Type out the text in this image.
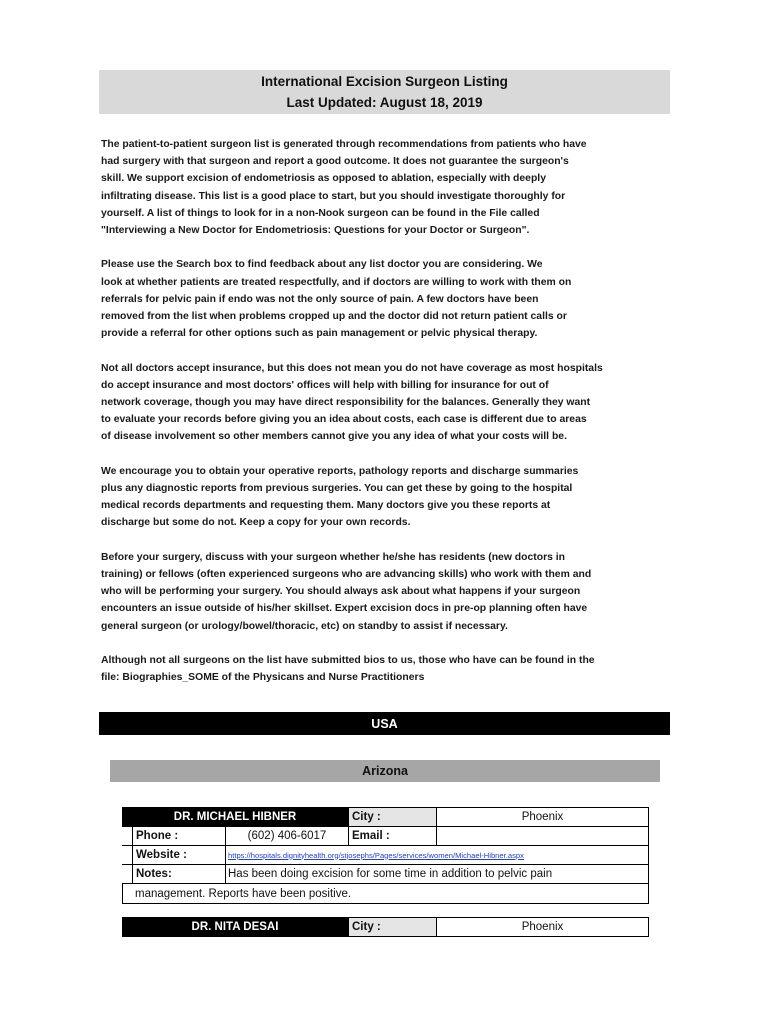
International Excision Surgeon Listing
Last Updated: August 18, 2019

The patient-to-patient surgeon list is generated through recommendations from patients who have
had surgery with that surgeon and report a good outcome. It does not guarantee the surgeon's
skill. We support excision of endometriosis as opposed to ablation, especially with deeply
infiltrating disease. This list is a good place to start, but you should investigate thoroughly for
yourself. A list of things to look for in a non-Nook surgeon can be found in the File called
"Interviewing a New Doctor for Endometriosis: Questions for your Doctor or Surgeon".

Please use the Search box to find feedback about any list doctor you are considering. We
look at whether patients are treated respectfully, and if doctors are willing to work with them on
referrals for pelvic pain if endo was not the only source of pain. A few doctors have been
removed from the list when problems cropped up and the doctor did not return patient calls or
provide a referral for other options such as pain management or pelvic physical therapy.

Not all doctors accept insurance, but this does not mean you do not have coverage as most hospitals
do accept insurance and most doctors' offices will help with billing for insurance for out of
network coverage, though you may have direct responsibility for the balances. Generally they want
to evaluate your records before giving you an idea about costs, each case is different due to areas
of disease involvement so other members cannot give you any idea of what your costs will be.

We encourage you to obtain your operative reports, pathology reports and discharge summaries
plus any diagnostic reports from previous surgeries. You can get these by going to the hospital
medical records departments and requesting them. Many doctors give you these reports at
discharge but some do not. Keep a copy for your own records.

Before your surgery, discuss with your surgeon whether he/she has residents (new doctors in
training) or fellows (often experienced surgeons who are advancing skills) who work with them and
who will be performing your surgery. You should always ask about what happens if your surgeon
encounters an issue outside of his/her skillset. Expert excision docs in pre-op planning often have
general surgeon (or urology/bowel/thoracic, etc) on standby to assist if necessary.

Although not all surgeons on the list have submitted bios to us, those who have can be found in the
file: Biographies_SOME of the Physicans and Nurse Practitioners

USA
Arizona
DR. MICHAEL HIBNER	City :	Phoenix
Phone :	(602) 406-6017	Email :
Website :	https://hospitals.dignityhealth.org/stjosephs/Pages/services/women/Michael-Hibner.aspx
Notes:	Has been doing excision for some time in addition to pelvic pain
management. Reports have been positive.
DR. NITA DESAI	City :	Phoenix
